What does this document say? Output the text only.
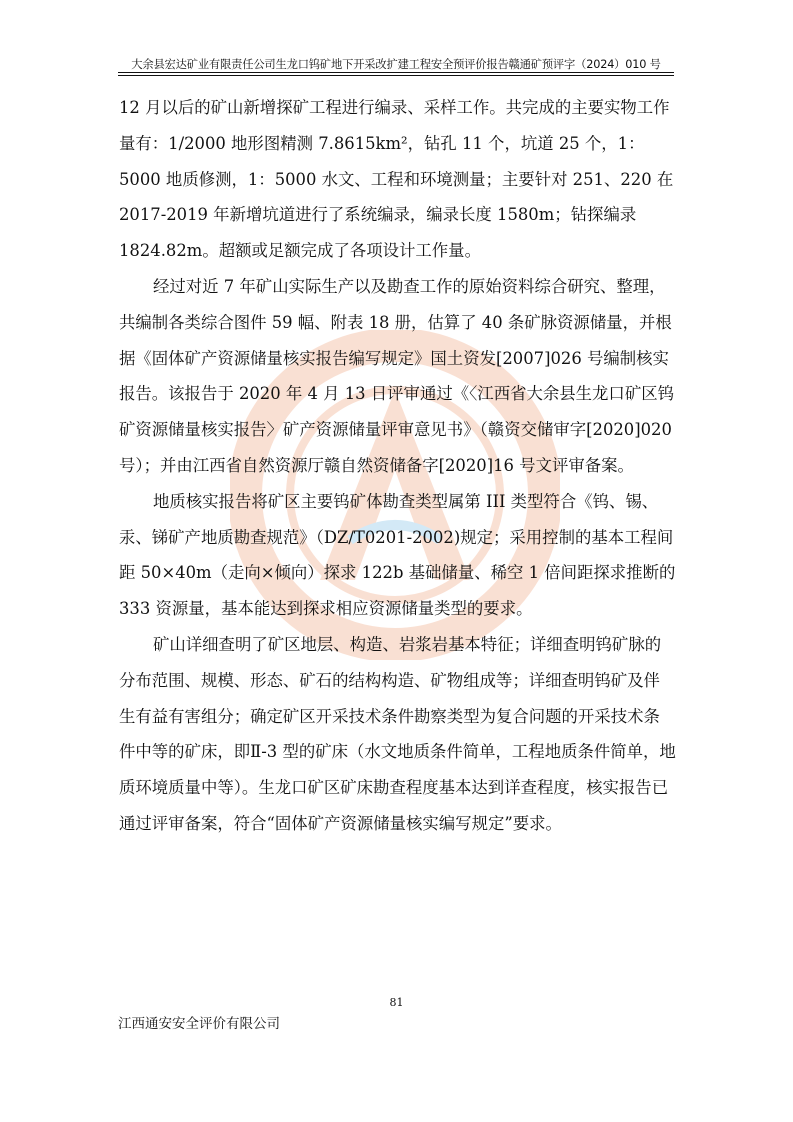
大余县宏达矿业有限责任公司生龙口钨矿地下开采改扩建工程安全预评价报告赣通矿预评字（2024）010 号

12 月以后的矿山新增探矿工程进行编录、采样工作。共完成的主要实物工作量有：1/2000 地形图精测 7.8615km²，钻孔 11 个，坑道 25 个，1：5000 地质修测，1：5000 水文、工程和环境测量；主要针对 251、220 在 2017-2019 年新增坑道进行了系统编录，编录长度 1580m；钻探编录 1824.82m。超额或足额完成了各项设计工作量。

经过对近 7 年矿山实际生产以及勘查工作的原始资料综合研究、整理，共编制各类综合图件 59 幅、附表 18 册，估算了 40 条矿脉资源储量，并根据《固体矿产资源储量核实报告编写规定》国土资发[2007]026 号编制核实报告。该报告于 2020 年 4 月 13 日评审通过《〈江西省大余县生龙口矿区钨矿资源储量核实报告〉矿产资源储量评审意见书》（赣资交储审字[2020]020 号）；并由江西省自然资源厅赣自然资储备字[2020]16 号文评审备案。

地质核实报告将矿区主要钨矿体勘查类型属第 III 类型符合《钨、锡、汞、锑矿产地质勘查规范》（DZ/T0201-2002)规定；采用控制的基本工程间距 50×40m（走向×倾向）探求 122b 基础储量、稀空 1 倍间距探求推断的 333 资源量，基本能达到探求相应资源储量类型的要求。

矿山详细查明了矿区地层、构造、岩浆岩基本特征；详细查明钨矿脉的分布范围、规模、形态、矿石的结构构造、矿物组成等；详细查明钨矿及伴生有益有害组分；确定矿区开采技术条件勘察类型为复合问题的开采技术条件中等的矿床，即Ⅱ-3 型的矿床（水文地质条件简单，工程地质条件简单，地质环境质量中等）。生龙口矿区矿床勘查程度基本达到详查程度，核实报告已通过评审备案，符合“固体矿产资源储量核实编写规定”要求。

81
江西通安安全评价有限公司
